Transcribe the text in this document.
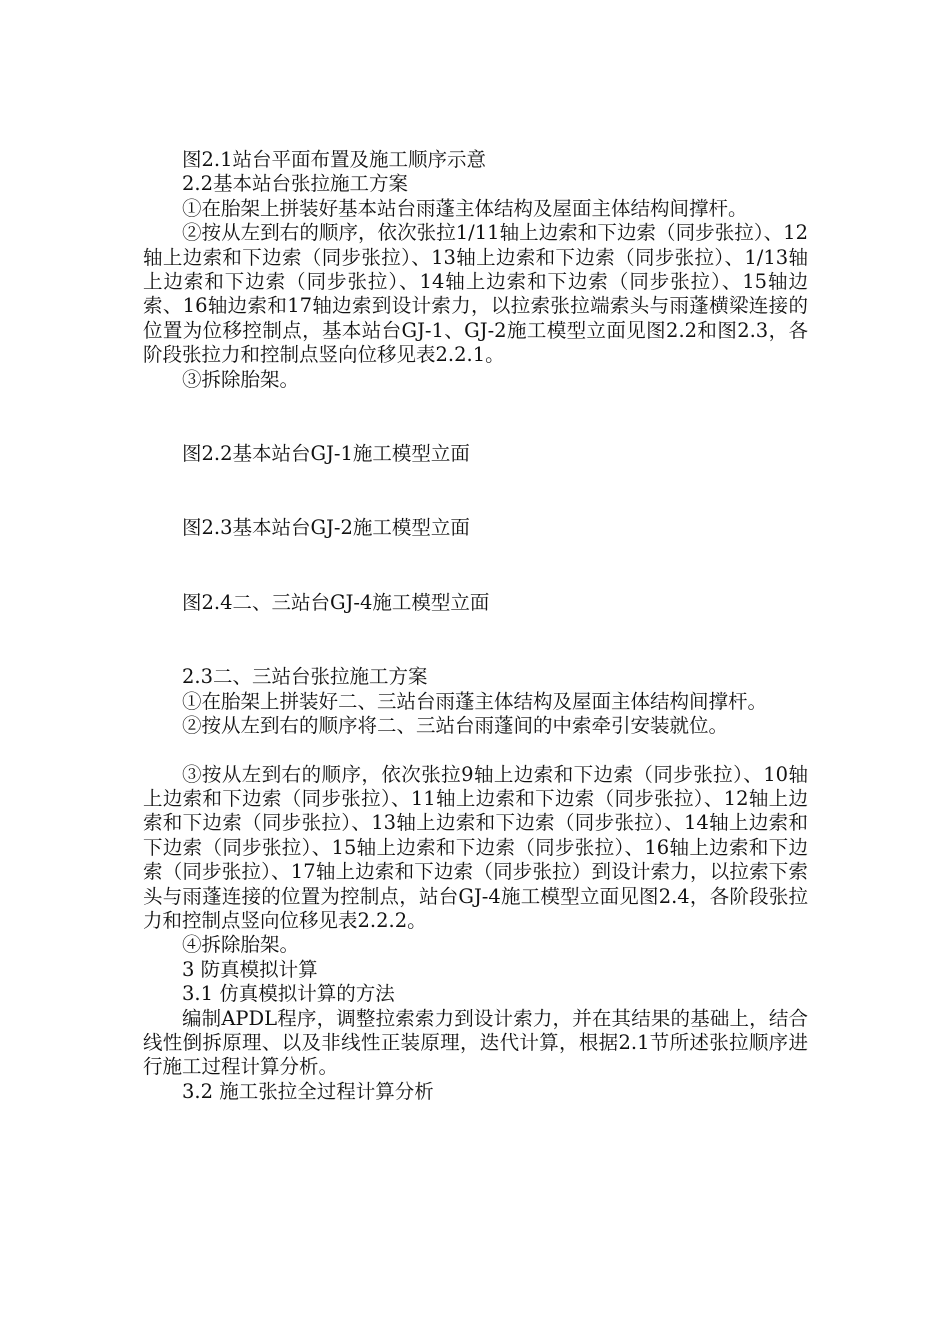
图2.1站台平面布置及施工顺序示意

2.2基本站台张拉施工方案

①在胎架上拼装好基本站台雨蓬主体结构及屋面主体结构间撑杆。

②按从左到右的顺序，依次张拉1/11轴上边索和下边索（同步张拉）、12轴上边索和下边索（同步张拉）、13轴上边索和下边索（同步张拉）、1/13轴上边索和下边索（同步张拉）、14轴上边索和下边索（同步张拉）、15轴边索、16轴边索和17轴边索到设计索力，以拉索张拉端索头与雨蓬横梁连接的位置为位移控制点，基本站台GJ-1、GJ-2施工模型立面见图2.2和图2.3，各阶段张拉力和控制点竖向位移见表2.2.1。

③拆除胎架。

图2.2基本站台GJ-1施工模型立面

图2.3基本站台GJ-2施工模型立面

图2.4二、三站台GJ-4施工模型立面

2.3二、三站台张拉施工方案

①在胎架上拼装好二、三站台雨蓬主体结构及屋面主体结构间撑杆。

②按从左到右的顺序将二、三站台雨蓬间的中索牵引安装就位。

③按从左到右的顺序，依次张拉9轴上边索和下边索（同步张拉）、10轴上边索和下边索（同步张拉）、11轴上边索和下边索（同步张拉）、12轴上边索和下边索（同步张拉）、13轴上边索和下边索（同步张拉）、14轴上边索和下边索（同步张拉）、15轴上边索和下边索（同步张拉）、16轴上边索和下边索（同步张拉）、17轴上边索和下边索（同步张拉）到设计索力，以拉索下索头与雨蓬连接的位置为控制点，站台GJ-4施工模型立面见图2.4，各阶段张拉力和控制点竖向位移见表2.2.2。

④拆除胎架。

3 防真模拟计算

3.1 仿真模拟计算的方法

编制APDL程序，调整拉索索力到设计索力，并在其结果的基础上，结合线性倒拆原理、以及非线性正装原理，迭代计算，根据2.1节所述张拉顺序进行施工过程计算分析。

3.2 施工张拉全过程计算分析
